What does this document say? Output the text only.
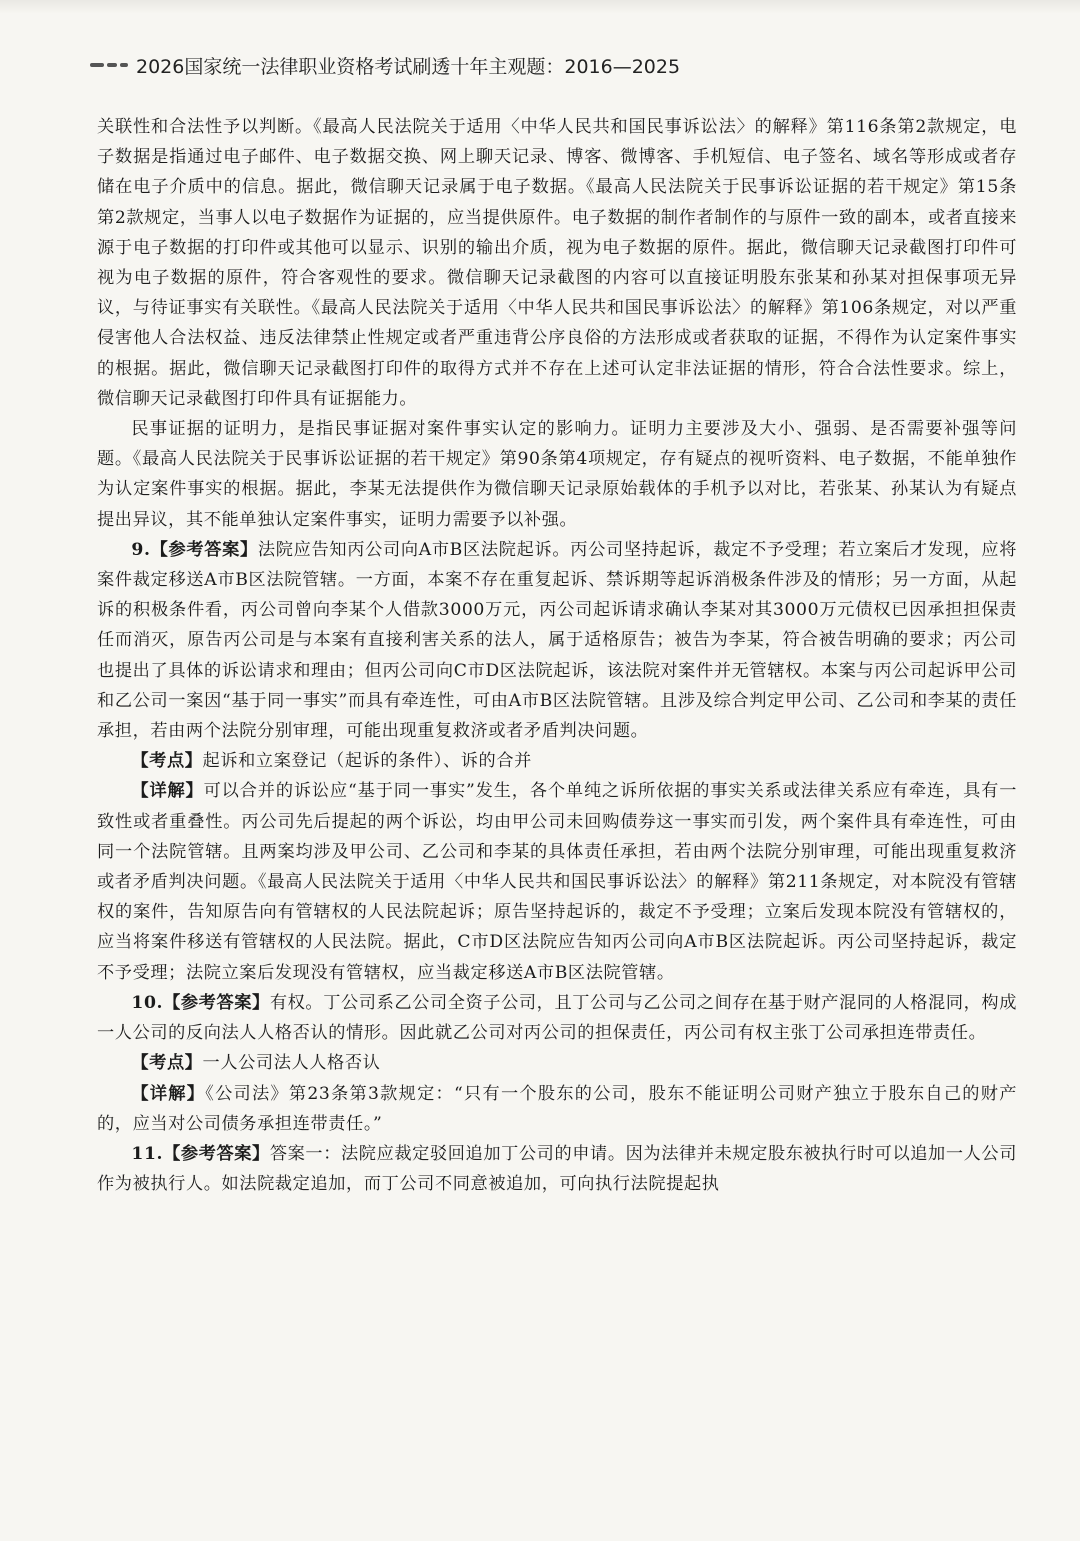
2026国家统一法律职业资格考试刷透十年主观题：2016—2025

关联性和合法性予以判断。《最高人民法院关于适用〈中华人民共和国民事诉讼法〉的解释》第116条第2款规定，电子数据是指通过电子邮件、电子数据交换、网上聊天记录、博客、微博客、手机短信、电子签名、域名等形成或者存储在电子介质中的信息。据此，微信聊天记录属于电子数据。《最高人民法院关于民事诉讼证据的若干规定》第15条第2款规定，当事人以电子数据作为证据的，应当提供原件。电子数据的制作者制作的与原件一致的副本，或者直接来源于电子数据的打印件或其他可以显示、识别的输出介质，视为电子数据的原件。据此，微信聊天记录截图打印件可视为电子数据的原件，符合客观性的要求。微信聊天记录截图的内容可以直接证明股东张某和孙某对担保事项无异议，与待证事实有关联性。《最高人民法院关于适用〈中华人民共和国民事诉讼法〉的解释》第106条规定，对以严重侵害他人合法权益、违反法律禁止性规定或者严重违背公序良俗的方法形成或者获取的证据，不得作为认定案件事实的根据。据此，微信聊天记录截图打印件的取得方式并不存在上述可认定非法证据的情形，符合合法性要求。综上，微信聊天记录截图打印件具有证据能力。

民事证据的证明力，是指民事证据对案件事实认定的影响力。证明力主要涉及大小、强弱、是否需要补强等问题。《最高人民法院关于民事诉讼证据的若干规定》第90条第4项规定，存有疑点的视听资料、电子数据，不能单独作为认定案件事实的根据。据此，李某无法提供作为微信聊天记录原始载体的手机予以对比，若张某、孙某认为有疑点提出异议，其不能单独认定案件事实，证明力需要予以补强。

9.【参考答案】法院应告知丙公司向A市B区法院起诉。丙公司坚持起诉，裁定不予受理；若立案后才发现，应将案件裁定移送A市B区法院管辖。一方面，本案不存在重复起诉、禁诉期等起诉消极条件涉及的情形；另一方面，从起诉的积极条件看，丙公司曾向李某个人借款3000万元，丙公司起诉请求确认李某对其3000万元债权已因承担担保责任而消灭，原告丙公司是与本案有直接利害关系的法人，属于适格原告；被告为李某，符合被告明确的要求；丙公司也提出了具体的诉讼请求和理由；但丙公司向C市D区法院起诉，该法院对案件并无管辖权。本案与丙公司起诉甲公司和乙公司一案因“基于同一事实”而具有牵连性，可由A市B区法院管辖。且涉及综合判定甲公司、乙公司和李某的责任承担，若由两个法院分别审理，可能出现重复救济或者矛盾判决问题。

【考点】起诉和立案登记（起诉的条件）、诉的合并

【详解】可以合并的诉讼应“基于同一事实”发生，各个单纯之诉所依据的事实关系或法律关系应有牵连，具有一致性或者重叠性。丙公司先后提起的两个诉讼，均由甲公司未回购债券这一事实而引发，两个案件具有牵连性，可由同一个法院管辖。且两案均涉及甲公司、乙公司和李某的具体责任承担，若由两个法院分别审理，可能出现重复救济或者矛盾判决问题。《最高人民法院关于适用〈中华人民共和国民事诉讼法〉的解释》第211条规定，对本院没有管辖权的案件，告知原告向有管辖权的人民法院起诉；原告坚持起诉的，裁定不予受理；立案后发现本院没有管辖权的，应当将案件移送有管辖权的人民法院。据此，C市D区法院应告知丙公司向A市B区法院起诉。丙公司坚持起诉，裁定不予受理；法院立案后发现没有管辖权，应当裁定移送A市B区法院管辖。

10.【参考答案】有权。丁公司系乙公司全资子公司，且丁公司与乙公司之间存在基于财产混同的人格混同，构成一人公司的反向法人人格否认的情形。因此就乙公司对丙公司的担保责任，丙公司有权主张丁公司承担连带责任。

【考点】一人公司法人人格否认

【详解】《公司法》第23条第3款规定：“只有一个股东的公司，股东不能证明公司财产独立于股东自己的财产的，应当对公司债务承担连带责任。”

11.【参考答案】答案一：法院应裁定驳回追加丁公司的申请。因为法律并未规定股东被执行时可以追加一人公司作为被执行人。如法院裁定追加，而丁公司不同意被追加，可向执行法院提起执
